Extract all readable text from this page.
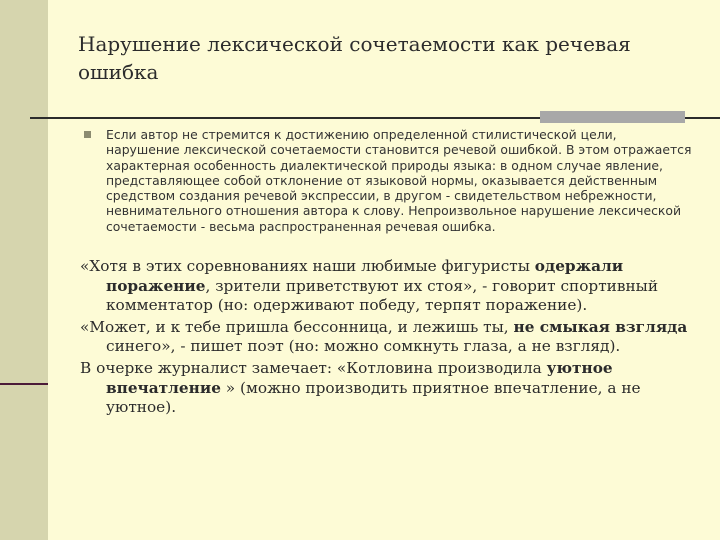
Нарушение лексической сочетаемости как речевая ошибка
Если автор не стремится к достижению определенной стилистической цели, нарушение лексической сочетаемости становится речевой ошибкой. В этом отражается характерная особенность диалектической природы языка: в одном случае явление, представляющее собой отклонение от языковой нормы, оказывается действенным средством создания речевой экспрессии, в другом - свидетельством небрежности, невнимательного отношения автора к слову. Непроизвольное нарушение лексической сочетаемости - весьма распространенная речевая ошибка.

«Хотя в этих соревнованиях наши любимые фигуристы одержали поражение, зрители приветствуют их стоя», - говорит спортивный комментатор (но: одерживают победу, терпят поражение).

«Может, и к тебе пришла бессонница, и лежишь ты, не смыкая взгляда синего», - пишет поэт (но: можно сомкнуть глаза, а не взгляд).

В очерке журналист замечает: «Котловина производила уютное впечатление » (можно производить приятное впечатление, а не уютное).
